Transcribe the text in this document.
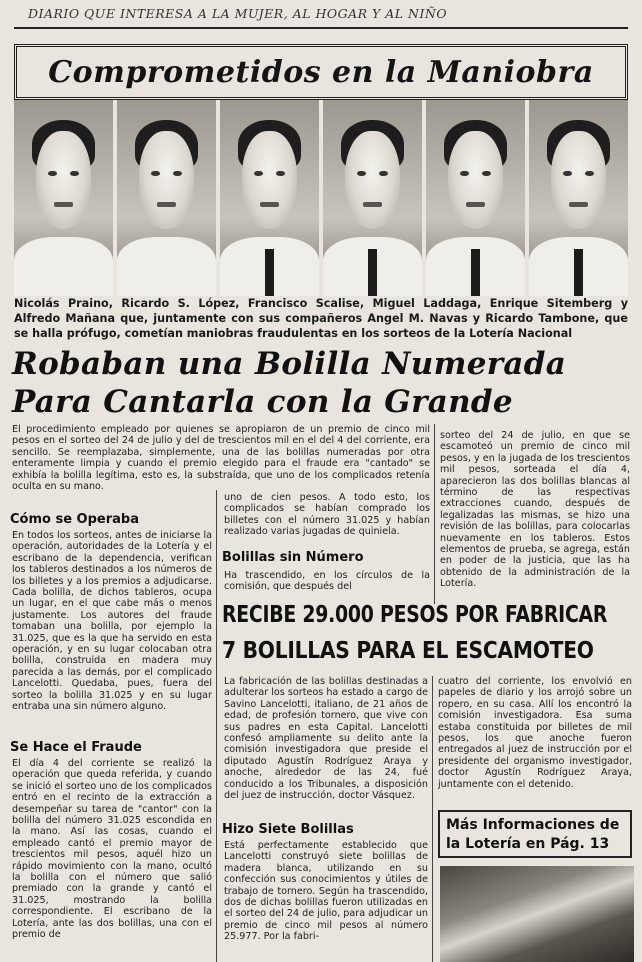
DIARIO QUE INTERESA A LA MUJER, AL HOGAR Y AL NIÑO
Comprometidos en la Maniobra
Nicolás Praino, Ricardo S. López, Francisco Scalise, Miguel Laddaga, Enrique Sitemberg y Alfredo Mañana que, juntamente con sus compañeros Angel M. Navas y Ricardo Tambone, que se halla prófugo, cometían maniobras fraudulentas en los sorteos de la Lotería Nacional
Robaban una Bolilla Numerada
Para Cantarla con la Grande
El procedimiento empleado por quienes se apropiaron de un premio de cinco mil pesos en el sorteo del 24 de julio y del de trescientos mil en el del 4 del corriente, era sencillo. Se reemplazaba, simplemente, una de las bolillas numeradas por otra enteramente limpia y cuando el premio elegido para el fraude era "cantado" se exhibía la bolilla legítima, esto es, la substraída, que uno de los complicados retenía oculta en su mano.
sorteo del 24 de julio, en que se escamoteó un premio de cinco mil pesos, y en la jugada de los trescientos mil pesos, sorteada el día 4, aparecieron las dos bolillas blancas al término de las respectivas extracciones cuando, después de legalizadas las mismas, se hizo una revisión de las bolillas, para colocarlas nuevamente en los tableros. Estos elementos de prueba, se agrega, están en poder de la justicia, que las ha obtenido de la administración de la Lotería.
Cómo se Operaba
En todos los sorteos, antes de iniciarse la operación, autoridades de la Lotería y el escribano de la dependencia, verifican los tableros destinados a los números de los billetes y a los premios a adjudicarse. Cada bolilla, de dichos tableros, ocupa un lugar, en el que cabe más o menos justamente. Los autores del fraude tomaban una bolilla, por ejemplo la 31.025, que es la que ha servido en esta operación, y en su lugar colocaban otra bolilla, construida en madera muy parecida a las demás, por el complicado Lancelotti. Quedaba, pues, fuera del sorteo la bolilla 31.025 y en su lugar entraba una sin número alguno.
uno de cien pesos. A todo esto, los complicados se habían comprado los billetes con el número 31.025 y habían realizado varias jugadas de quiniela.
Bolillas sin Número
Ha trascendido, en los círculos de la comisión, que después del
Se Hace el Fraude
El día 4 del corriente se realizó la operación que queda referida, y cuando se inició el sorteo uno de los complicados entró en el recinto de la extracción a desempeñar su tarea de "cantor" con la bolilla del número 31.025 escondida en la mano. Así las cosas, cuando el empleado cantó el premio mayor de trescientos mil pesos, aquél hizo un rápido movimiento con la mano, ocultó la bolilla con el número que salió premiado con la grande y cantó el 31.025, mostrando la bolilla correspondiente. El escribano de la Lotería, ante las dos bolillas, una con el premio de
RECIBE 29.000 PESOS POR FABRICAR
7 BOLILLAS PARA EL ESCAMOTEO
La fabricación de las bolillas destinadas a adulterar los sorteos ha estado a cargo de Savino Lancelotti, italiano, de 21 años de edad, de profesión tornero, que vive con sus padres en esta Capital. Lancelotti confesó ampliamente su delito ante la comisión investigadora que preside el diputado Agustín Rodríguez Araya y anoche, alrededor de las 24, fué conducido a los Tribunales, a disposición del juez de instrucción, doctor Vásquez.
cuatro del corriente, los envolvió en papeles de diario y los arrojó sobre un ropero, en su casa. Allí los encontró la comisión investigadora. Esa suma estaba constituida por billetes de mil pesos, los que anoche fueron entregados al juez de instrucción por el presidente del organismo investigador, doctor Agustín Rodríguez Araya, juntamente con el detenido.
Hizo Siete Bolillas
Está perfectamente establecido que Lancelotti construyó siete bolillas de madera blanca, utilizando en su confección sus conocimientos y útiles de trabajo de tornero. Según ha trascendido, dos de dichas bolillas fueron utilizadas en el sorteo del 24 de julio, para adjudicar un premio de cinco mil pesos al número 25.977. Por la fabri-
Más Informaciones de
la Lotería en Pág. 13
